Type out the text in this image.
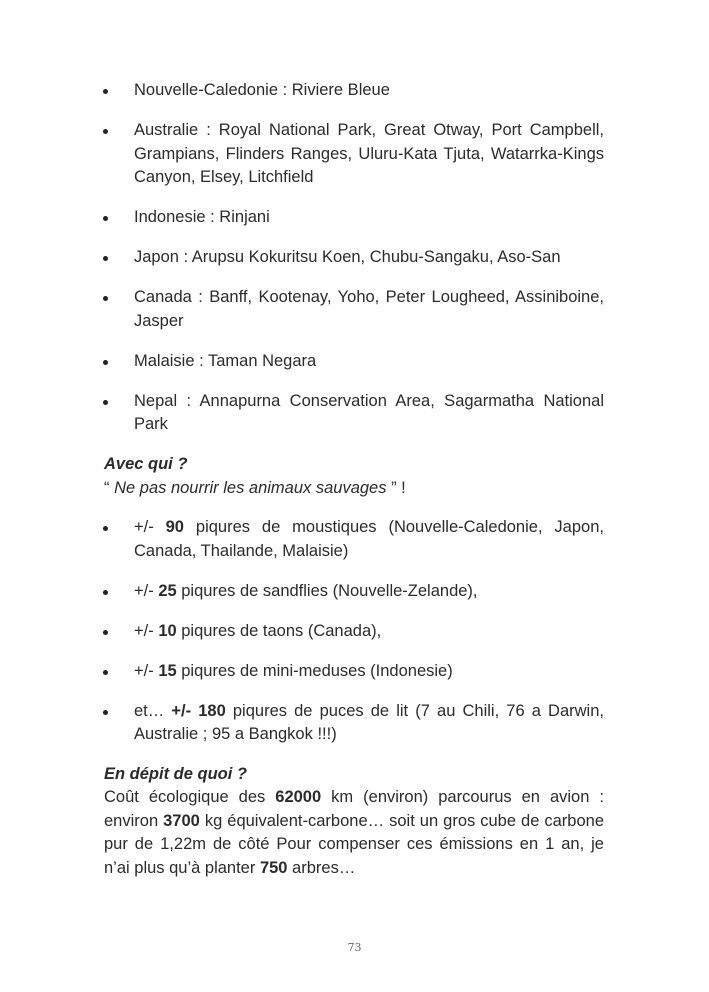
Nouvelle-Caledonie : Riviere Bleue
Australie : Royal National Park, Great Otway, Port Campbell, Grampians, Flinders Ranges, Uluru-Kata Tjuta, Watarrka-Kings Canyon, Elsey, Litchfield
Indonesie : Rinjani
Japon : Arupsu Kokuritsu Koen, Chubu-Sangaku, Aso-San
Canada : Banff, Kootenay, Yoho, Peter Lougheed, Assiniboine, Jasper
Malaisie : Taman Negara
Nepal : Annapurna Conservation Area, Sagarmatha National Park
Avec qui ?
“ Ne pas nourrir les animaux sauvages ” !
+/- 90 piqures de moustiques (Nouvelle-Caledonie, Japon, Canada, Thailande, Malaisie)
+/- 25 piqures de sandflies (Nouvelle-Zelande),
+/- 10 piqures de taons (Canada),
+/- 15 piqures de mini-meduses (Indonesie)
et… +/- 180 piqures de puces de lit (7 au Chili, 76 a Darwin, Australie ; 95 a Bangkok !!!)
En dépit de quoi ?
Coût écologique des 62000 km (environ) parcourus en avion : environ 3700 kg équivalent-carbone… soit un gros cube de carbone pur de 1,22m de côté Pour compenser ces émissions en 1 an, je n’ai plus qu’à planter 750 arbres…
73
